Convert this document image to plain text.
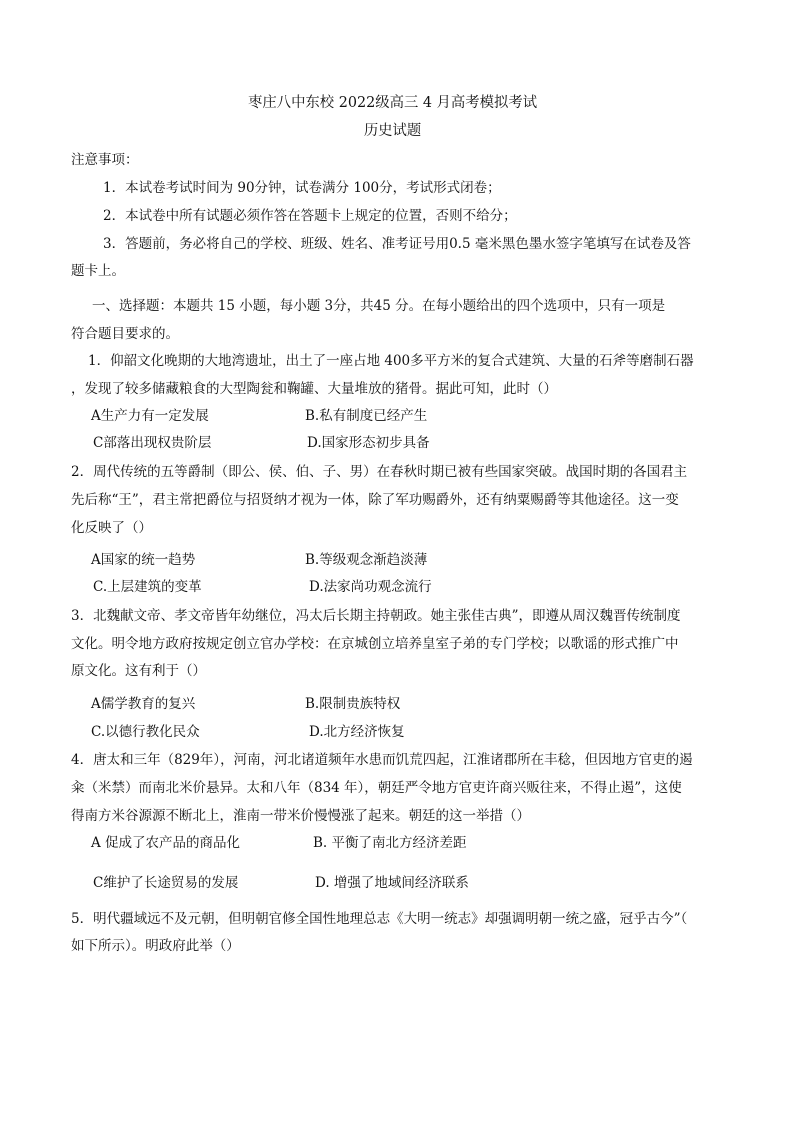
枣庄八中东校 2022级高三 4 月高考模拟考试
历史试题
注意事项：
1．本试卷考试时间为 90分钟，试卷满分 100分，考试形式闭卷；
2．本试卷中所有试题必须作答在答题卡上规定的位置，否则不给分；
3．答题前，务必将自己的学校、班级、姓名、准考证号用0.5 毫米黑色墨水签字笔填写在试卷及答
题卡上。
一、选择题：本题共 15 小题，每小题 3分，共45 分。在每小题给出的四个选项中，只有一项是
符合题目要求的。
1．仰韶文化晚期的大地湾遗址，出土了一座占地 400多平方米的复合式建筑、大量的石斧等磨制石器
，发现了较多储藏粮食的大型陶瓮和鞠罐、大量堆放的猪骨。据此可知，此时（）
A生产力有一定发展	B.私有制度已经产生
C部落出现权贵阶层	D.国家形态初步具备
2．周代传统的五等爵制（即公、侯、伯、子、男）在春秋时期已被有些国家突破。战国时期的各国君主
先后称“王”，君主常把爵位与招贤纳才视为一体，除了军功赐爵外，还有纳粟赐爵等其他途径。这一变
化反映了（）
A国家的统一趋势	B.等级观念渐趋淡薄
C.上层建筑的变革	D.法家尚功观念流行
3．北魏献文帝、孝文帝皆年幼继位，冯太后长期主持朝政。她主张佳古典”，即遵从周汉魏晋传统制度
文化。明令地方政府按规定创立官办学校：在京城创立培养皇室子弟的专门学校；以歌谣的形式推广中
原文化。这有利于（）
A儒学教育的复兴	B.限制贵族特权
C.以德行教化民众	D.北方经济恢复
4．唐太和三年（829年），河南，河北诸道频年水患而饥荒四起，江淮诸郡所在丰稔，但因地方官吏的遏
籴（米禁）而南北米价悬异。太和八年（834 年），朝廷严令地方官吏许商兴贩往来，不得止遏”，这使
得南方米谷源源不断北上，淮南一带米价慢慢涨了起来。朝廷的这一举措（）
A 促成了农产品的商品化	B. 平衡了南北方经济差距
C维护了长途贸易的发展	D. 增强了地域间经济联系
5．明代疆域远不及元朝，但明朝官修全国性地理总志《大明一统志》却强调明朝一统之盛，冠乎古今”（
如下所示）。明政府此举（）
